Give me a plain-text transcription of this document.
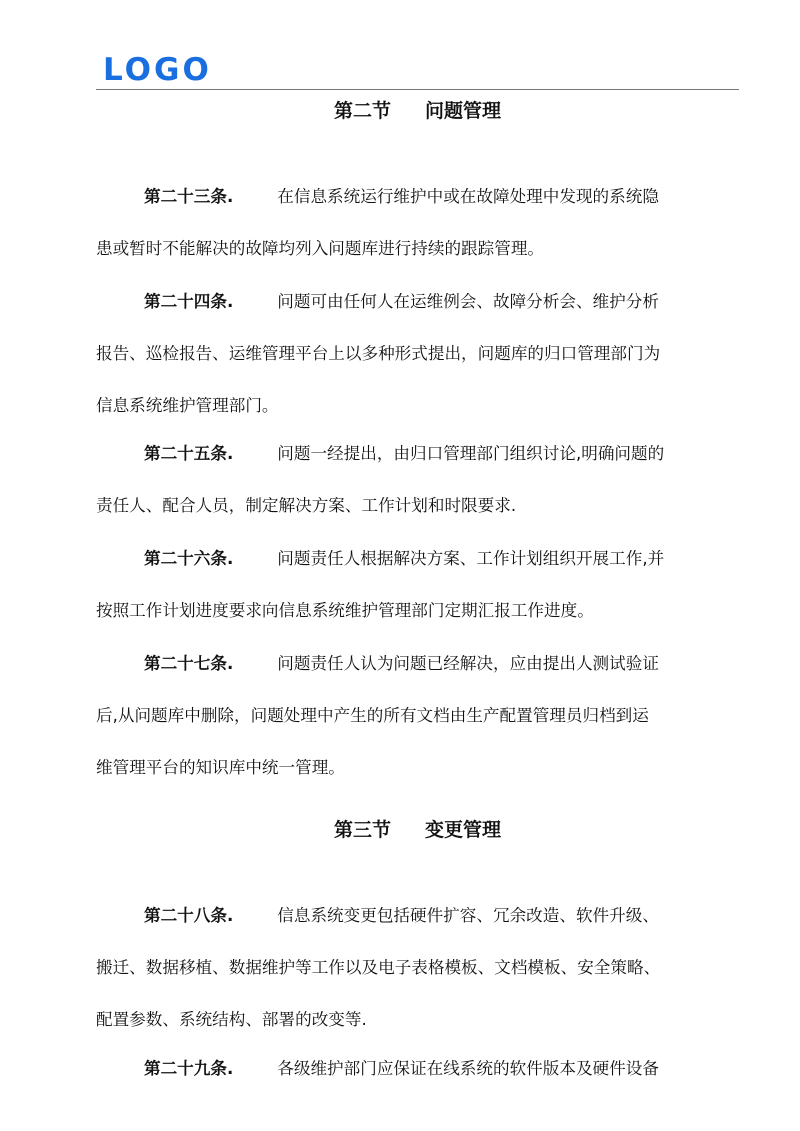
LOGO
第二节 问题管理
第二十三条.	在信息系统运行维护中或在故障处理中发现的系统隐
患或暂时不能解决的故障均列入问题库进行持续的跟踪管理。
第二十四条.	问题可由任何人在运维例会、故障分析会、维护分析
报告、巡检报告、运维管理平台上以多种形式提出，问题库的归口管理部门为
信息系统维护管理部门。
第二十五条.	问题一经提出，由归口管理部门组织讨论,明确问题的
责任人、配合人员，制定解决方案、工作计划和时限要求.
第二十六条.	问题责任人根据解决方案、工作计划组织开展工作,并
按照工作计划进度要求向信息系统维护管理部门定期汇报工作进度。
第二十七条.	问题责任人认为问题已经解决，应由提出人测试验证
后,从问题库中删除，问题处理中产生的所有文档由生产配置管理员归档到运
维管理平台的知识库中统一管理。
第三节 变更管理
第二十八条.	信息系统变更包括硬件扩容、冗余改造、软件升级、
搬迁、数据移植、数据维护等工作以及电子表格模板、文档模板、安全策略、
配置参数、系统结构、部署的改变等.
第二十九条.	各级维护部门应保证在线系统的软件版本及硬件设备
